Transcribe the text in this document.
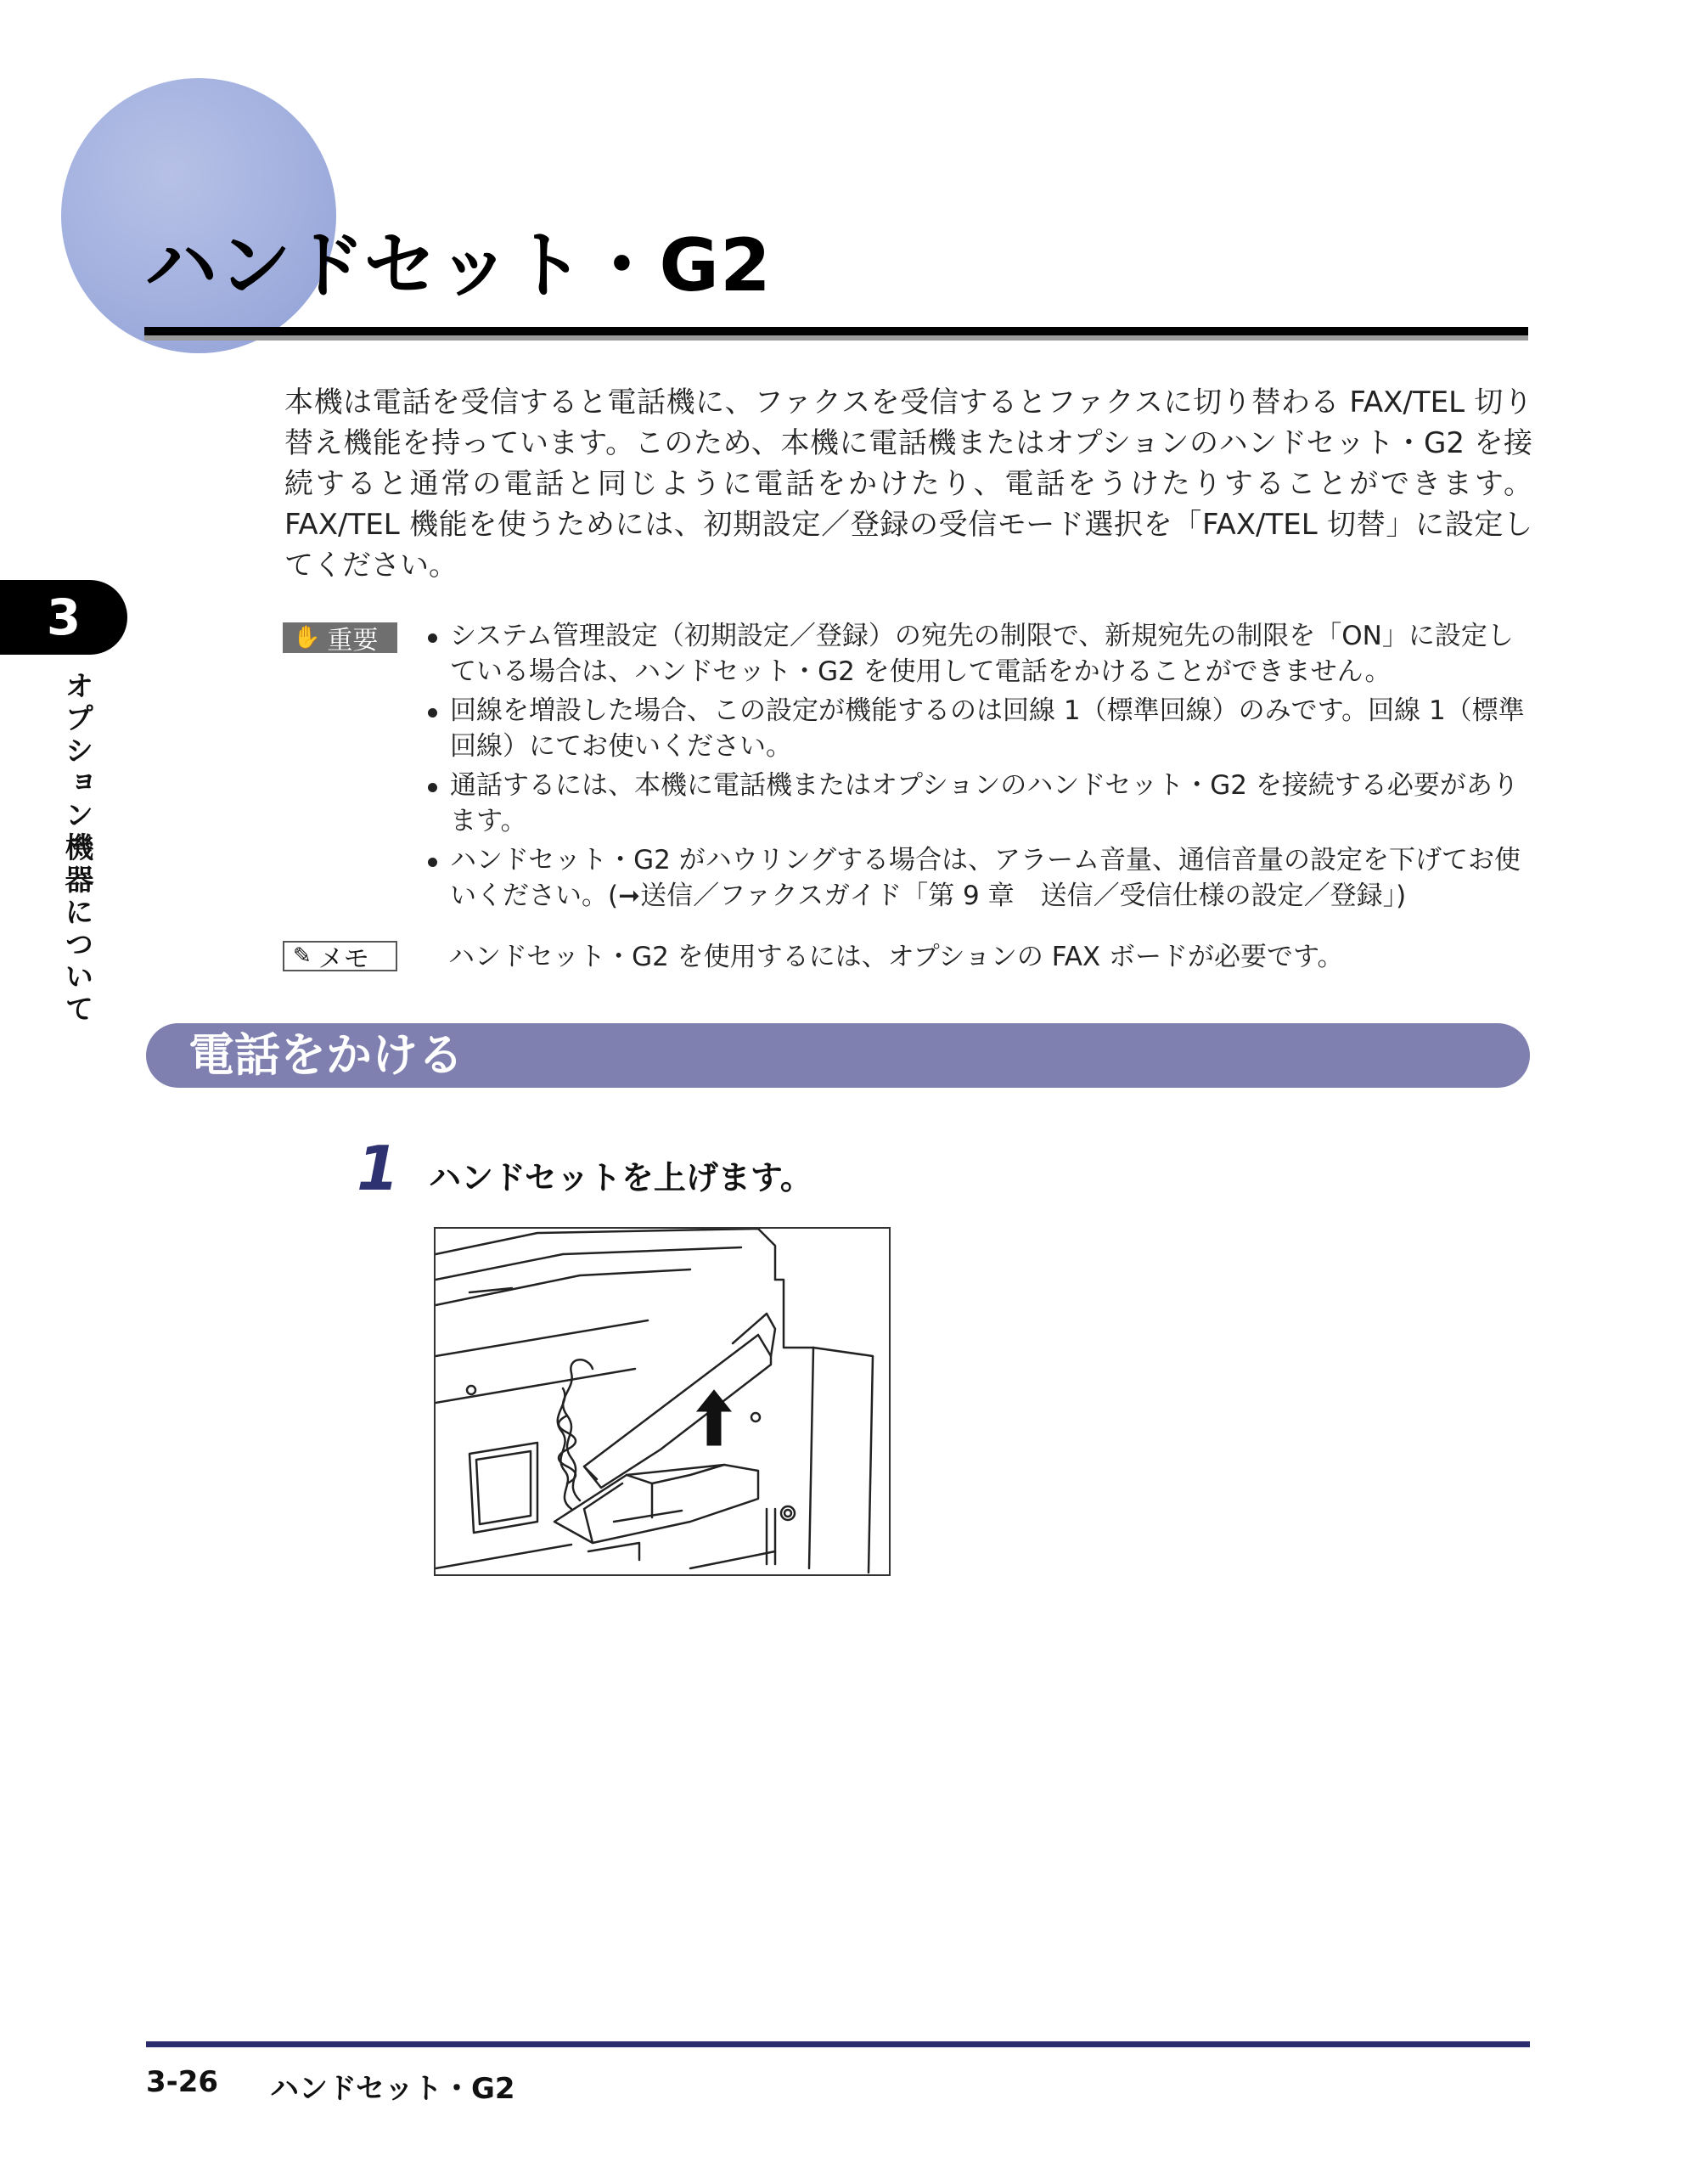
ハンドセット・G2
3
オプション機器について
本機は電話を受信すると電話機に、ファクスを受信するとファクスに切り替わる FAX/TEL 切り替え機能を持っています。このため、本機に電話機またはオプションのハンドセット・G2 を接続すると通常の電話と同じように電話をかけたり、電話をうけたりすることができます。FAX/TEL 機能を使うためには、初期設定／登録の受信モード選択を「FAX/TEL 切替」に設定してください。
✋ 重要	システム管理設定（初期設定／登録）の宛先の制限で、新規宛先の制限を「ON」に設定している場合は、ハンドセット・G2 を使用して電話をかけることができません。
回線を増設した場合、この設定が機能するのは回線 1（標準回線）のみです。回線 1（標準回線）にてお使いください。
通話するには、本機に電話機またはオプションのハンドセット・G2 を接続する必要があります。
ハンドセット・G2 がハウリングする場合は、アラーム音量、通信音量の設定を下げてお使いください。(➞送信／ファクスガイド「第 9 章　送信／受信仕様の設定／登録」)
✎ メモ	ハンドセット・G2 を使用するには、オプションの FAX ボードが必要です。
電話をかける
1 ハンドセットを上げます。
3-26 ハンドセット・G2
